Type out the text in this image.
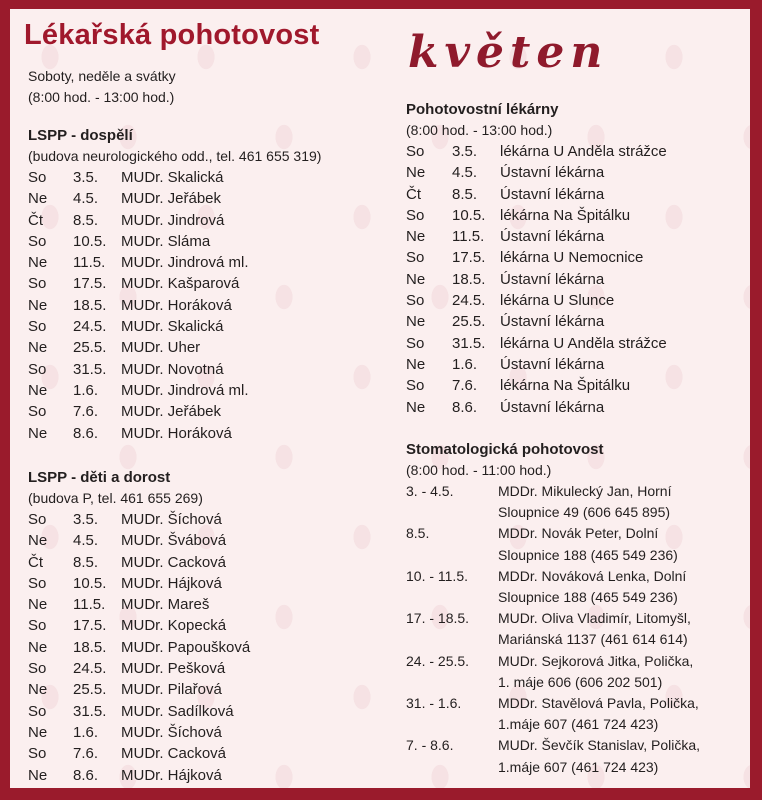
Lékařská pohotovost květen

Soboty, neděle a svátky

(8:00 hod. - 13:00 hod.)

LSPP - dospělí

(budova neurologického odd., tel. 461 655 319)

So	3.5.	MUDr. Skalická
Ne	4.5.	MUDr. Jeřábek
Čt	8.5.	MUDr. Jindrová
So	10.5. MUDr. Sláma
Ne	11.5.	MUDr. Jindrová ml.
So	17.5. MUDr. Kašparová
Ne	18.5. MUDr. Horáková
So	24.5. MUDr. Skalická
Ne	25.5. MUDr. Uher
So	31.5. MUDr. Novotná
Ne	1.6.	MUDr. Jindrová ml.
So	7.6.	MUDr. Jeřábek
Ne	8.6.	MUDr. Horáková

LSPP - děti a dorost

(budova P, tel. 461 655 269)

So	3.5.	MUDr. Šíchová
Ne	4.5.	MUDr. Švábová
Čt	8.5.	MUDr. Cacková
So	10.5. MUDr. Hájková
Ne	11.5.	MUDr. Mareš
So	17.5. MUDr. Kopecká
Ne	18.5. MUDr. Papoušková
So	24.5. MUDr. Pešková
Ne	25.5. MUDr. Pilařová
So	31.5. MUDr. Sadílková
Ne	1.6.	MUDr. Šíchová
So	7.6.	MUDr. Cacková
Ne	8.6.	MUDr. Hájková

Pohotovostní lékárny

(8:00 hod. - 13:00 hod.)

So	3.5.	lékárna U Anděla strážce
Ne	4.5.	Ústavní lékárna
Čt	8.5.	Ústavní lékárna
So	10.5. lékárna Na Špitálku
Ne	11.5.	Ústavní lékárna
So	17.5. lékárna U Nemocnice
Ne	18.5. Ústavní lékárna
So	24.5. lékárna U Slunce
Ne	25.5. Ústavní lékárna
So	31.5. lékárna U Anděla strážce
Ne	1.6.	Ústavní lékárna
So	7.6.	lékárna Na Špitálku
Ne	8.6.	Ústavní lékárna

Stomatologická pohotovost

(8:00 hod. - 11:00 hod.)

3. - 4.5.	MDDr. Mikulecký Jan, Horní
Sloupnice 49 (606 645 895)
8.5.	MDDr. Novák Peter, Dolní
Sloupnice 188 (465 549 236)
10. - 11.5.	MDDr. Nováková Lenka, Dolní
Sloupnice 188 (465 549 236)
17. - 18.5.	MUDr. Oliva Vladimír, Litomyšl,
Mariánská 1137 (461 614 614)
24. - 25.5.	MUDr. Sejkorová Jitka, Polička,
1. máje 606 (606 202 501)
31. - 1.6.	MDDr. Stavělová Pavla, Polička,
1.máje 607 (461 724 423)
7. - 8.6.	MUDr. Ševčík Stanislav, Polička,
1.máje 607 (461 724 423)
